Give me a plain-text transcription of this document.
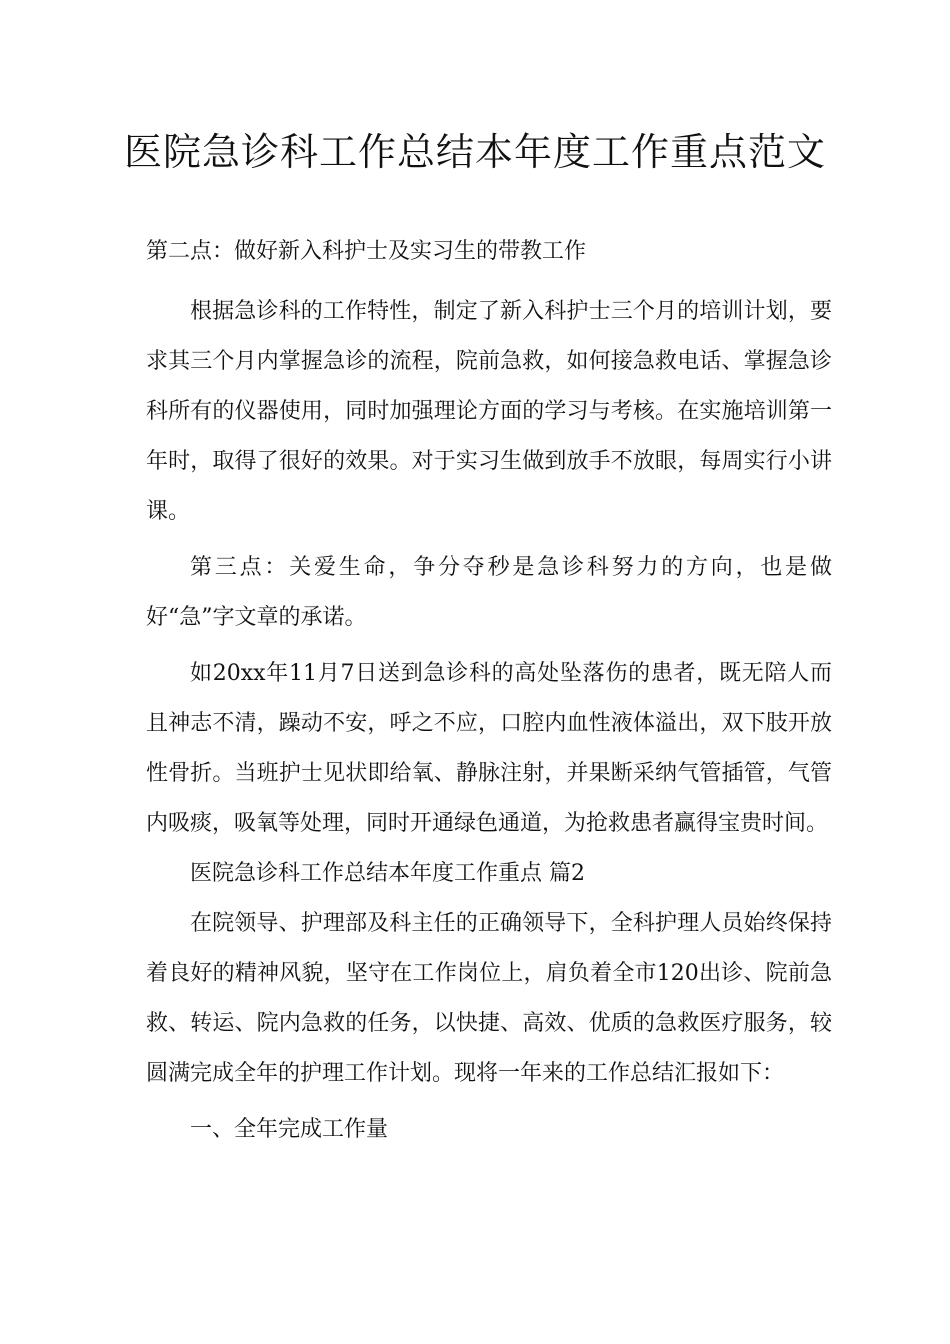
医院急诊科工作总结本年度工作重点范文

第二点：做好新入科护士及实习生的带教工作

根据急诊科的工作特性，制定了新入科护士三个月的培训计划，要求其三个月内掌握急诊的流程，院前急救，如何接急救电话、掌握急诊科所有的仪器使用，同时加强理论方面的学习与考核。在实施培训第一年时，取得了很好的效果。对于实习生做到放手不放眼，每周实行小讲课。

第三点：关爱生命，争分夺秒是急诊科努力的方向，也是做好“急”字文章的承诺。

如20xx年11月7日送到急诊科的高处坠落伤的患者，既无陪人而且神志不清，躁动不安，呼之不应，口腔内血性液体溢出，双下肢开放性骨折。当班护士见状即给氧、静脉注射，并果断采纳气管插管，气管内吸痰，吸氧等处理，同时开通绿色通道，为抢救患者赢得宝贵时间。

医院急诊科工作总结本年度工作重点 篇2

在院领导、护理部及科主任的正确领导下，全科护理人员始终保持着良好的精神风貌，坚守在工作岗位上，肩负着全市120出诊、院前急救、转运、院内急救的任务，以快捷、高效、优质的急救医疗服务，较圆满完成全年的护理工作计划。现将一年来的工作总结汇报如下：

一、全年完成工作量
